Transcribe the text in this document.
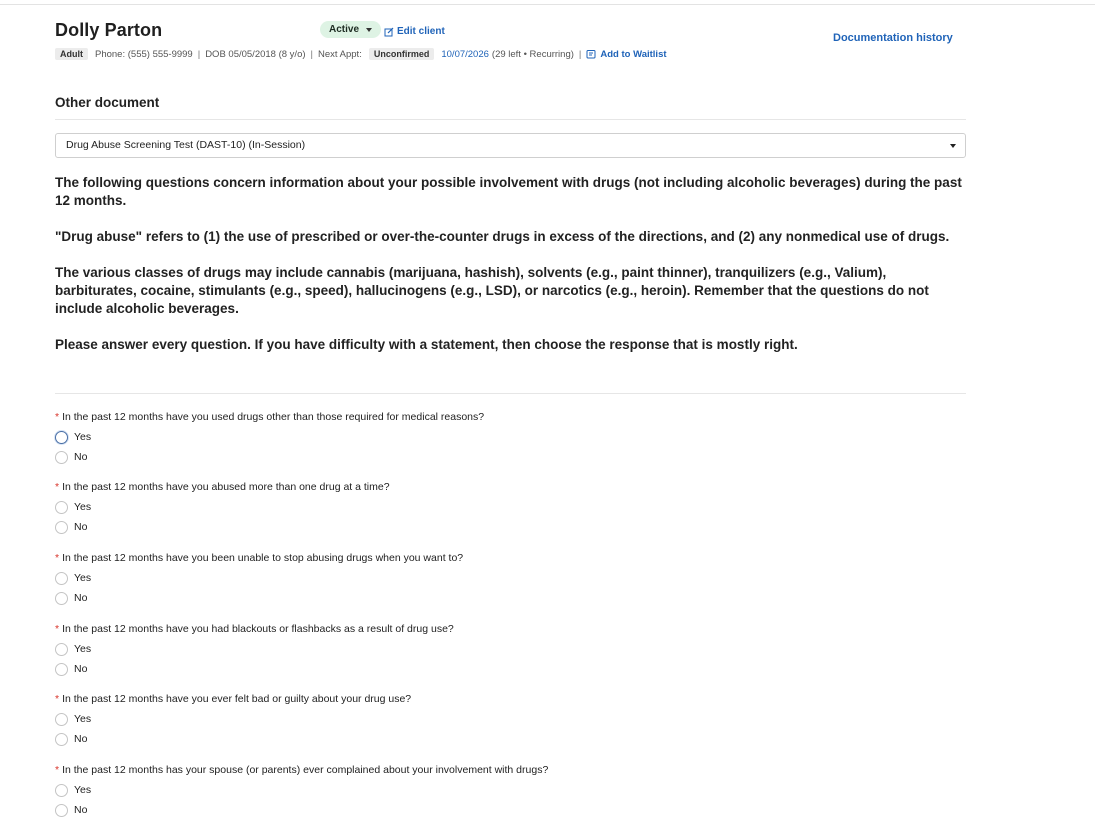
Dolly Parton	Active	Edit client
Documentation history
Adult	Phone: (555) 555-9999 | DOB 05/05/2018 (8 y/o) | Next Appt:	Unconfirmed	10/07/2026 (29 left • Recurring) | Add to Waitlist
Other document
Drug Abuse Screening Test (DAST-10) (In-Session)

The following questions concern information about your possible involvement with drugs (not including alcoholic beverages) during the past 12 months.

"Drug abuse" refers to (1) the use of prescribed or over-the-counter drugs in excess of the directions, and (2) any nonmedical use of drugs.

The various classes of drugs may include cannabis (marijuana, hashish), solvents (e.g., paint thinner), tranquilizers (e.g., Valium), barbiturates, cocaine, stimulants (e.g., speed), hallucinogens (e.g., LSD), or narcotics (e.g., heroin). Remember that the questions do not include alcoholic beverages.

Please answer every question. If you have difficulty with a statement, then choose the response that is mostly right.

* In the past 12 months have you used drugs other than those required for medical reasons?
Yes
No
* In the past 12 months have you abused more than one drug at a time?
Yes
No
* In the past 12 months have you been unable to stop abusing drugs when you want to?
Yes
No
* In the past 12 months have you had blackouts or flashbacks as a result of drug use?
Yes
No
* In the past 12 months have you ever felt bad or guilty about your drug use?
Yes
No
* In the past 12 months has your spouse (or parents) ever complained about your involvement with drugs?
Yes
No
